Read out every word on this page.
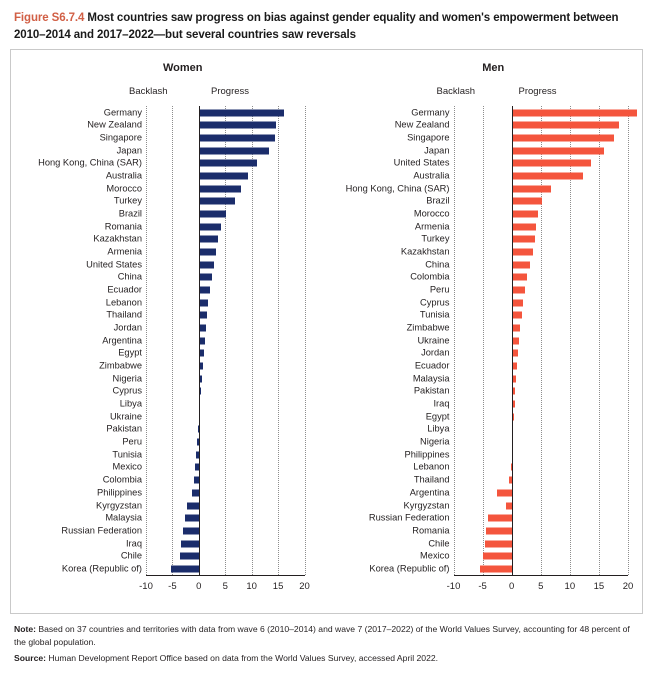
Figure S6.7.4 Most countries saw progress on bias against gender equality and women's empowerment between 2010–2014 and 2017–2022—but several countries saw reversals
Women
Backlash	Progress
Germany
New Zealand
Singapore
Japan
Hong Kong, China (SAR)
Australia
Morocco
Turkey
Brazil
Romania
Kazakhstan
Armenia
United States
China
Ecuador
Lebanon
Thailand
Jordan
Argentina
Egypt
Zimbabwe
Nigeria
Cyprus
Libya
Ukraine
Pakistan
Peru
Tunisia
Mexico
Colombia
Philippines
Kyrgyzstan
Malaysia
Russian Federation
Iraq
Chile
Korea (Republic of)
-10 -5 0 5 10 15 20
Men
Backlash	Progress
Germany
New Zealand
Singapore
Japan
United States
Australia
Hong Kong, China (SAR)
Brazil
Morocco
Armenia
Turkey
Kazakhstan
China
Colombia
Peru
Cyprus
Tunisia
Zimbabwe
Ukraine
Jordan
Ecuador
Malaysia
Pakistan
Iraq
Egypt
Libya
Nigeria
Philippines
Lebanon
Thailand
Argentina
Kyrgyzstan
Russian Federation
Romania
Chile
Mexico
Korea (Republic of)
-10 -5 0	5 10 15 20

Note: Based on 37 countries and territories with data from wave 6 (2010–2014) and wave 7 (2017–2022) of the World Values Survey, accounting for 48 percent of the global population.

Source: Human Development Report Office based on data from the World Values Survey, accessed April 2022.
